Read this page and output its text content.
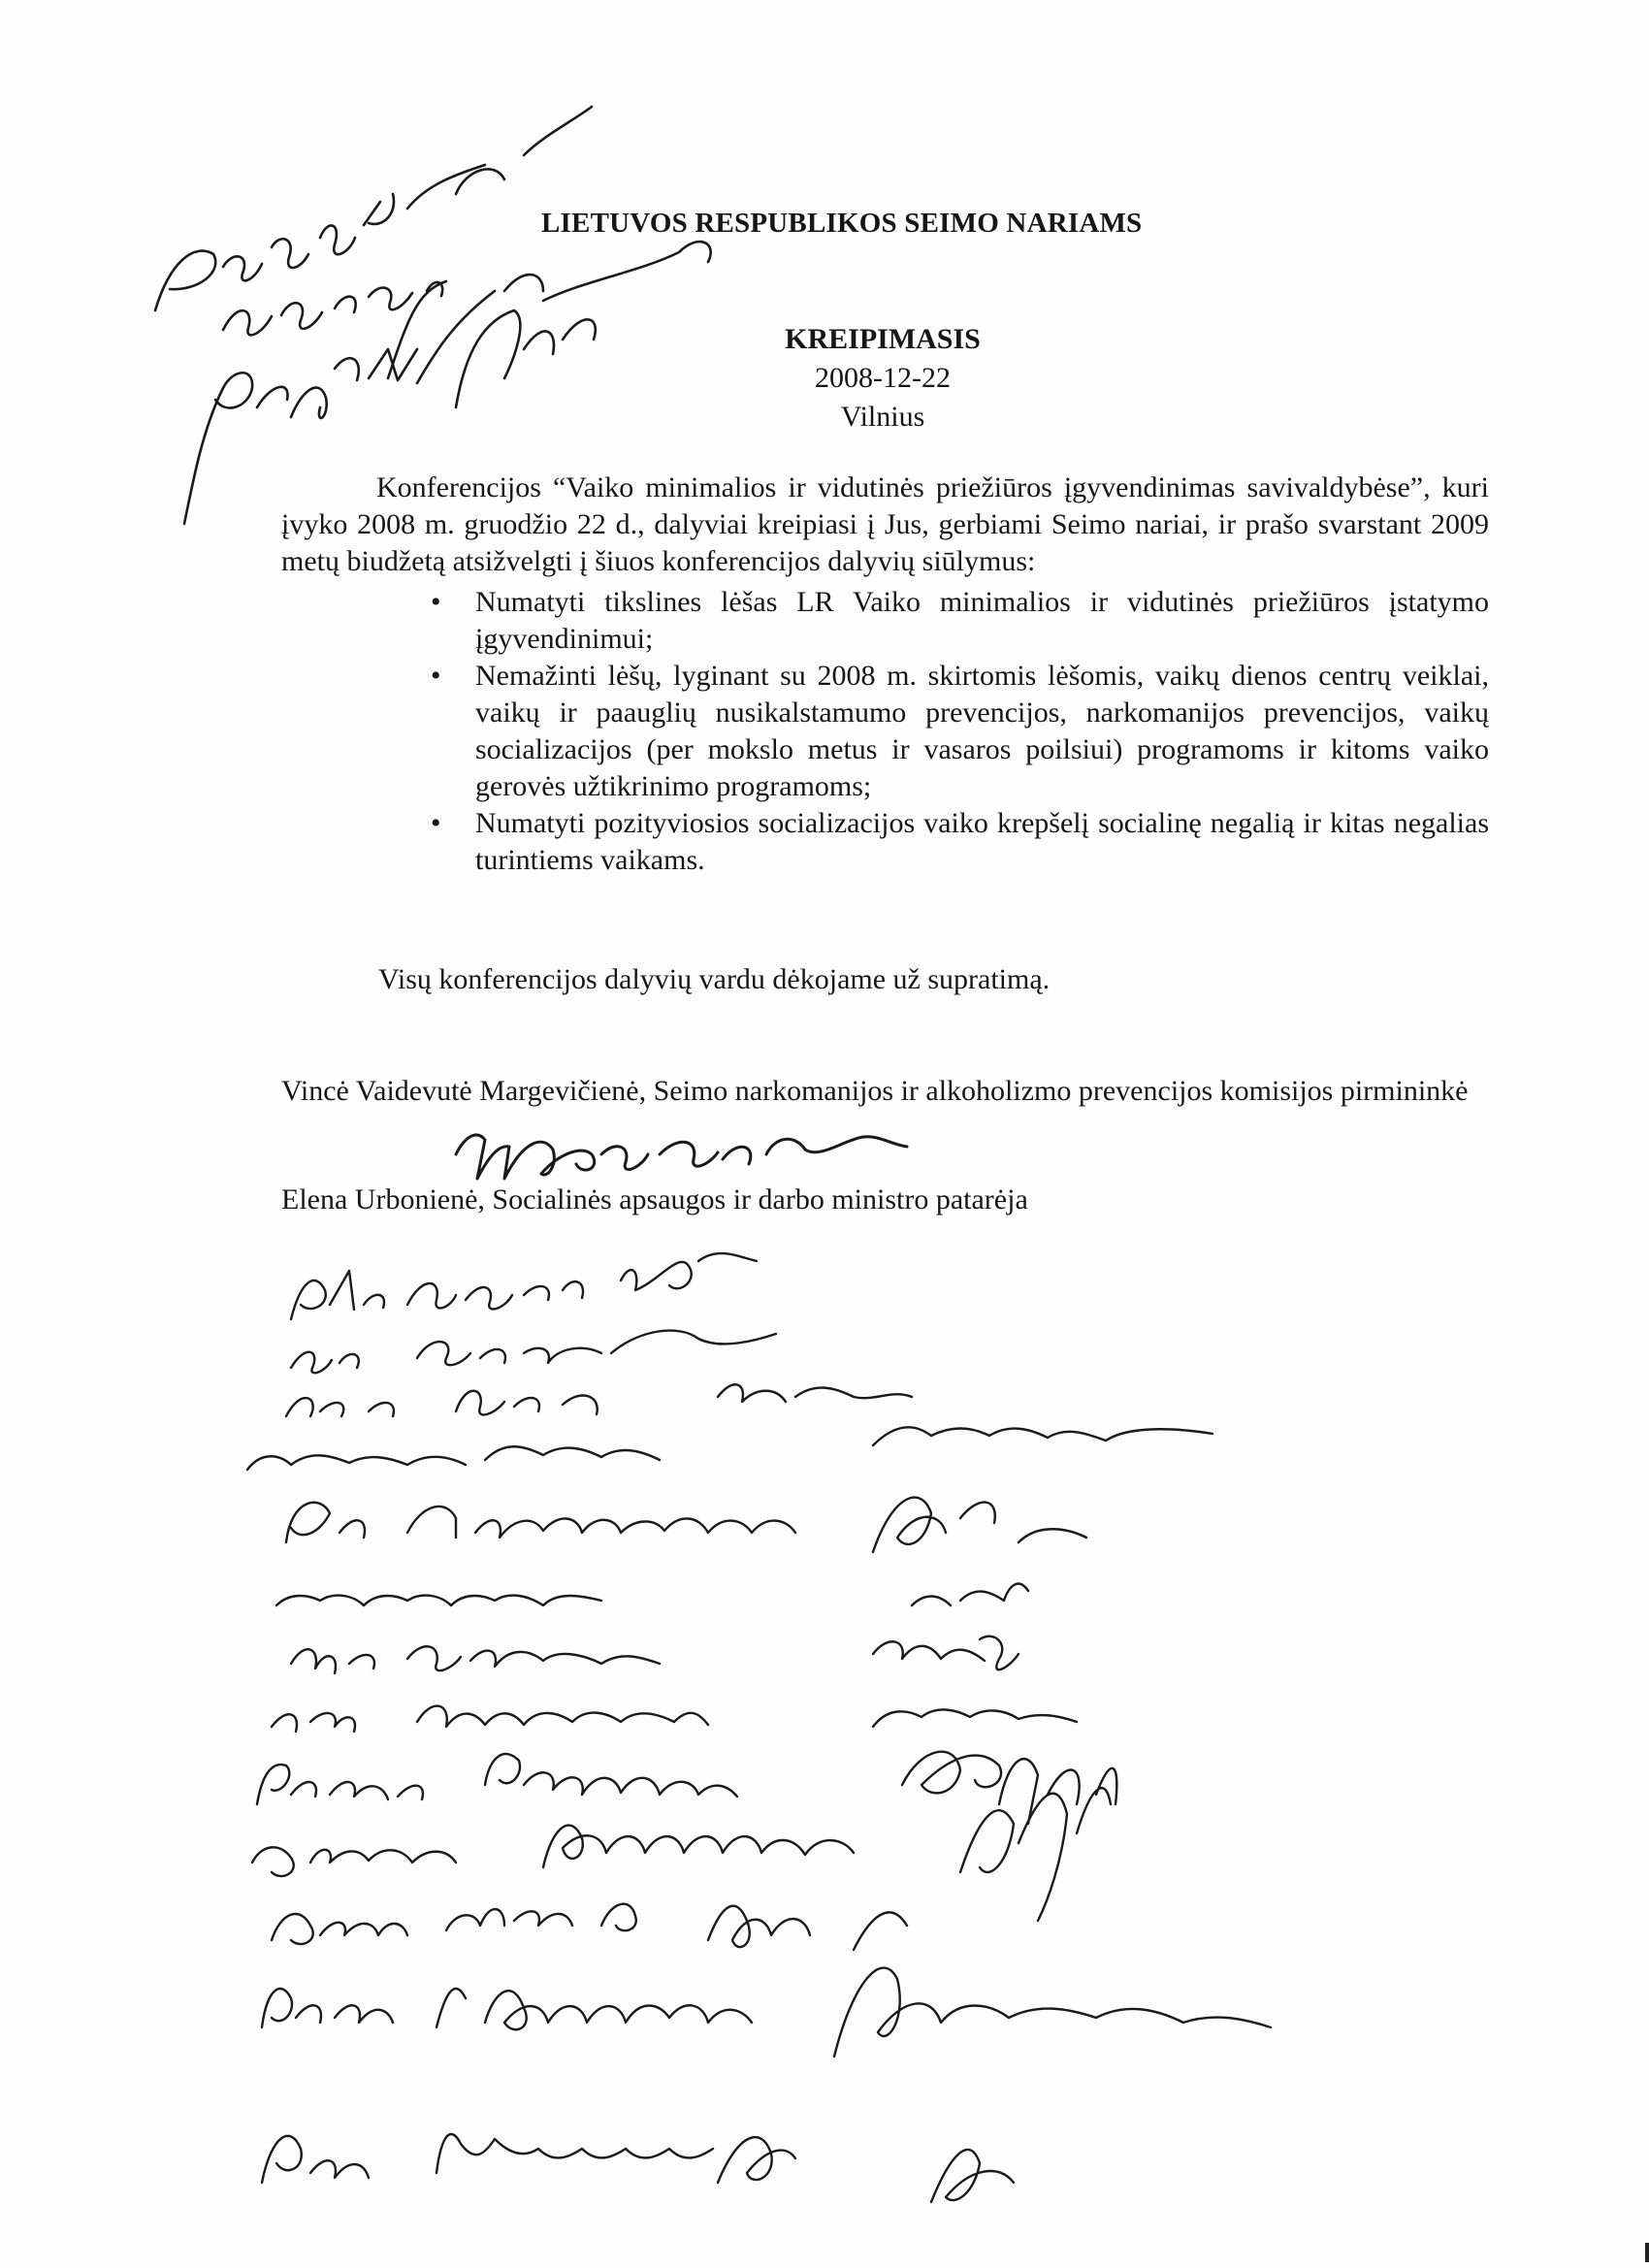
LIETUVOS RESPUBLIKOS SEIMO NARIAMS
KREIPIMASIS
2008-12-22
Vilnius

Konferencijos “Vaiko minimalios ir vidutinės priežiūros įgyvendinimas savivaldybėse”, kuri įvyko 2008 m. gruodžio 22 d., dalyviai kreipiasi į Jus, gerbiami Seimo nariai, ir prašo svarstant 2009 metų biudžetą atsižvelgti į šiuos konferencijos dalyvių siūlymus:

• Numatyti tikslines lėšas LR Vaiko minimalios ir vidutinės priežiūros įstatymo įgyvendinimui;
• Nemažinti lėšų, lyginant su 2008 m. skirtomis lėšomis, vaikų dienos centrų veiklai, vaikų ir paauglių nusikalstamumo prevencijos, narkomanijos prevencijos, vaikų socializacijos (per mokslo metus ir vasaros poilsiui) programoms ir kitoms vaiko gerovės užtikrinimo programoms;
• Numatyti pozityviosios socializacijos vaiko krepšelį socialinę negalią ir kitas negalias turintiems vaikams.
Visų konferencijos dalyvių vardu dėkojame už supratimą.
Vincė Vaidevutė Margevičienė, Seimo narkomanijos ir alkoholizmo prevencijos komisijos pirmininkė
Elena Urbonienė, Socialinės apsaugos ir darbo ministro patarėja
